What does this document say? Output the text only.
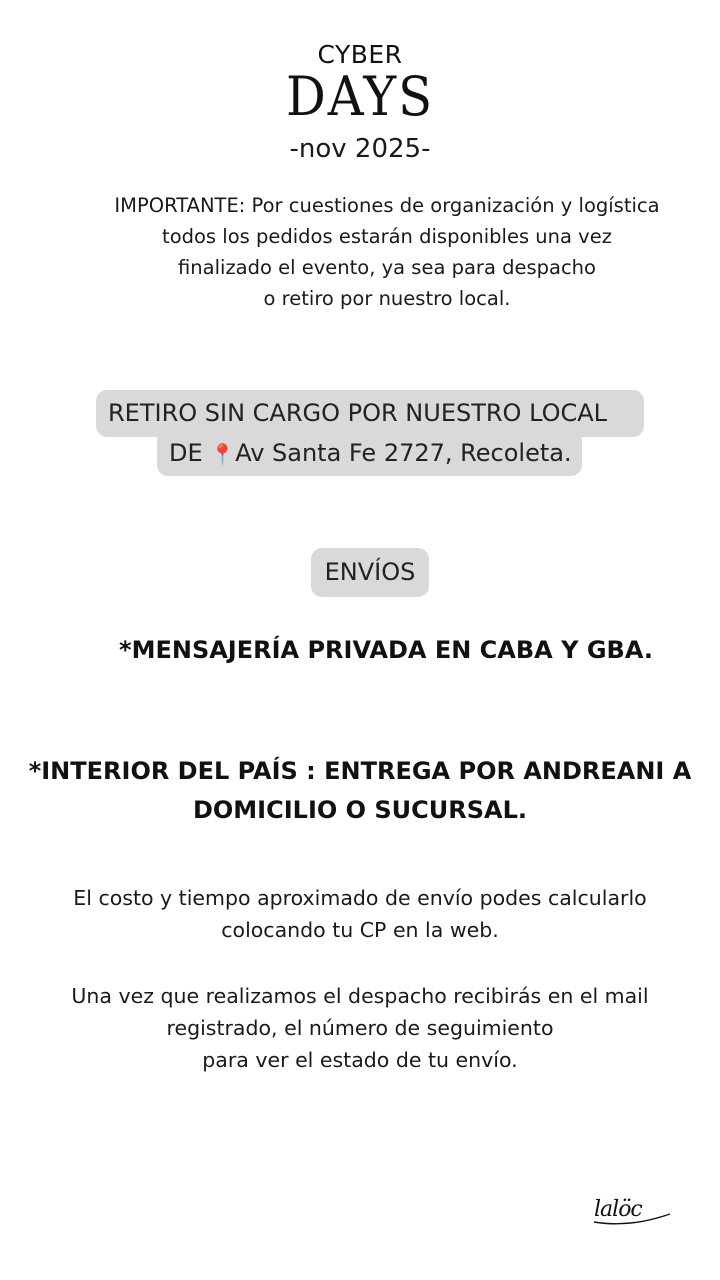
CYBER
DAYS
-nov 2025-
IMPORTANTE: Por cuestiones de organización y logística
todos los pedidos estarán disponibles una vez
finalizado el evento, ya sea para despacho
o retiro por nuestro local.
RETIRO SIN CARGO POR NUESTRO LOCAL
DE 📍Av Santa Fe 2727, Recoleta.
ENVÍOS
*MENSAJERÍA PRIVADA EN CABA Y GBA.
*INTERIOR DEL PAÍS : ENTREGA POR ANDREANI A
DOMICILIO O SUCURSAL.
El costo y tiempo aproximado de envío podes calcularlo
colocando tu CP en la web.
Una vez que realizamos el despacho recibirás en el mail
registrado, el número de seguimiento
para ver el estado de tu envío.
lalöc
